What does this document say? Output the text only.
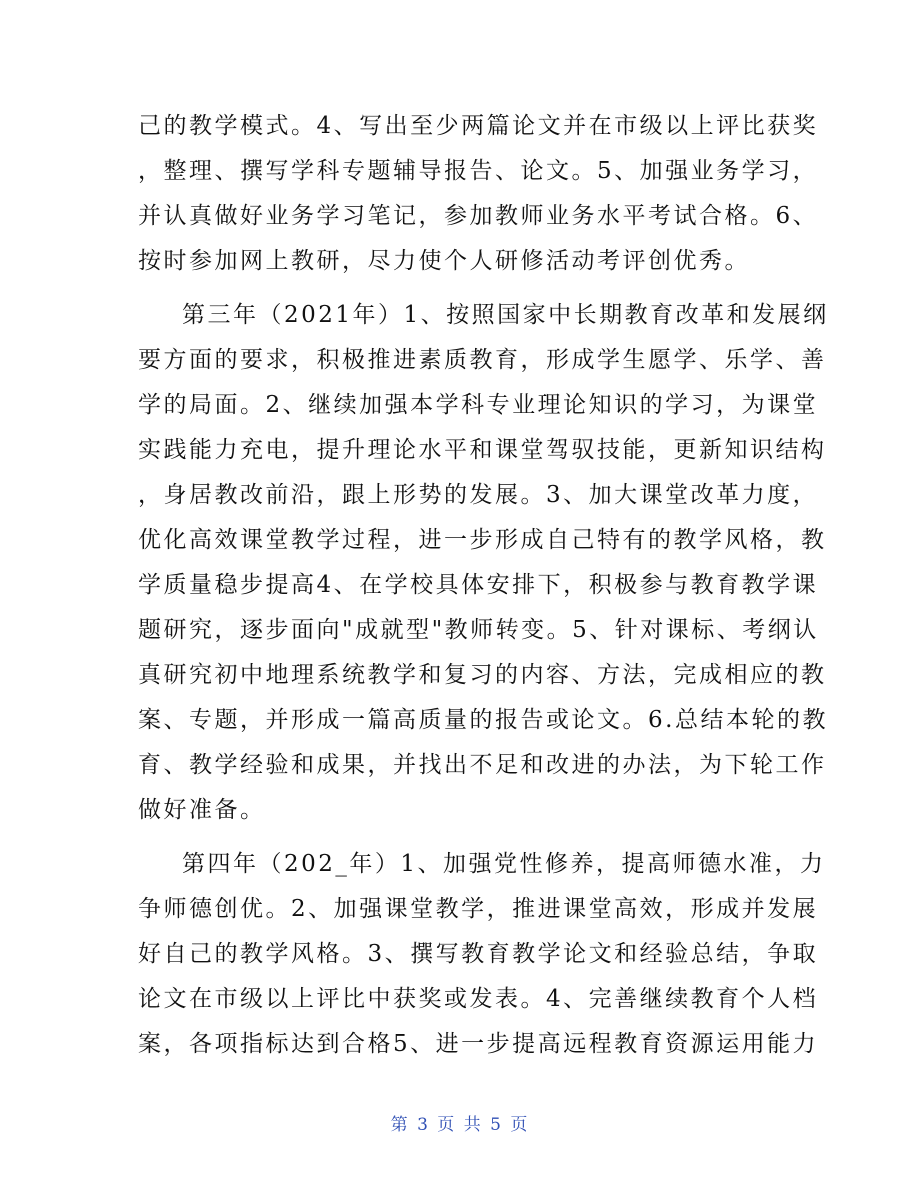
己的教学模式。4、写出至少两篇论文并在市级以上评比获奖
，整理、撰写学科专题辅导报告、论文。5、加强业务学习，
并认真做好业务学习笔记，参加教师业务水平考试合格。6、
按时参加网上教研，尽力使个人研修活动考评创优秀。
第三年（2021年）1、按照国家中长期教育改革和发展纲
要方面的要求，积极推进素质教育，形成学生愿学、乐学、善
学的局面。2、继续加强本学科专业理论知识的学习，为课堂
实践能力充电，提升理论水平和课堂驾驭技能，更新知识结构
，身居教改前沿，跟上形势的发展。3、加大课堂改革力度，
优化高效课堂教学过程，进一步形成自己特有的教学风格，教
学质量稳步提高4、在学校具体安排下，积极参与教育教学课
题研究，逐步面向"成就型"教师转变。5、针对课标、考纲认
真研究初中地理系统教学和复习的内容、方法，完成相应的教
案、专题，并形成一篇高质量的报告或论文。6.总结本轮的教
育、教学经验和成果，并找出不足和改进的办法，为下轮工作
做好准备。
第四年（202_年）1、加强党性修养，提高师德水准，力
争师德创优。2、加强课堂教学，推进课堂高效，形成并发展
好自己的教学风格。3、撰写教育教学论文和经验总结，争取
论文在市级以上评比中获奖或发表。4、完善继续教育个人档
案，各项指标达到合格5、进一步提高远程教育资源运用能力
第 3 页 共 5 页
